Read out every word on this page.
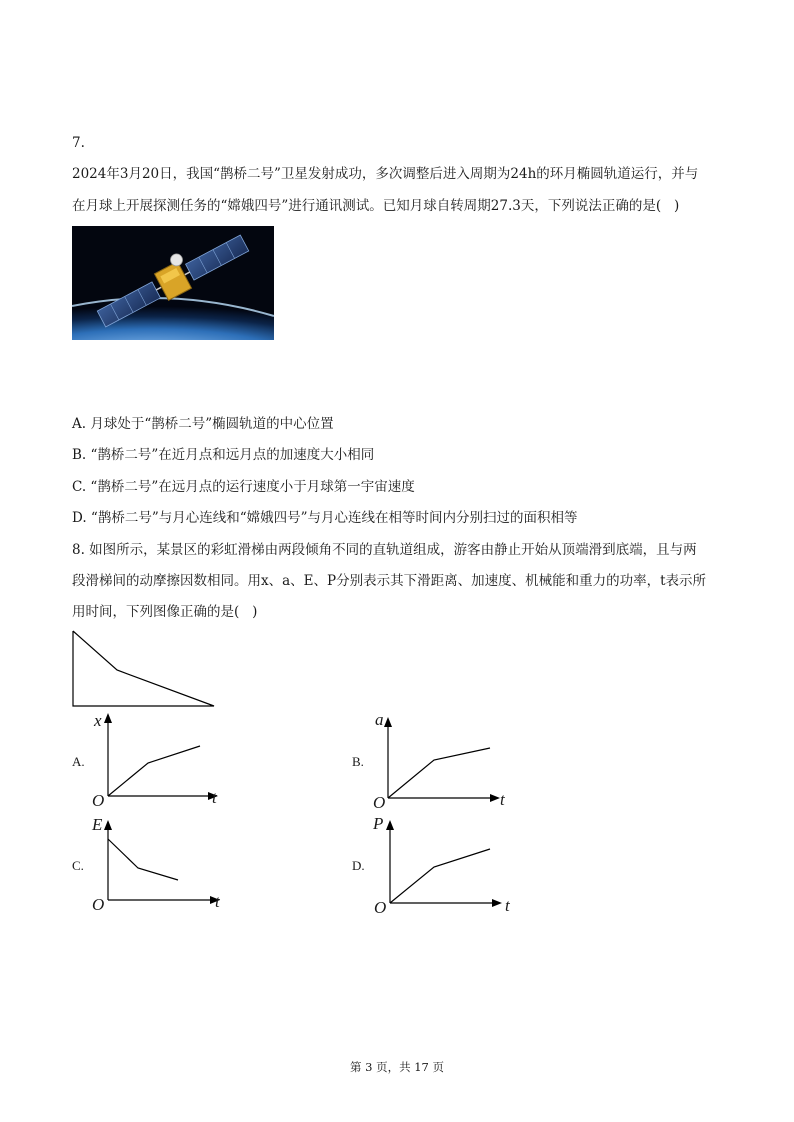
7.
2024年3月20日，我国“鹊桥二号”卫星发射成功，多次调整后进入周期为24h的环月椭圆轨道运行，并与
在月球上开展探测任务的“嫦娥四号”进行通讯测试。已知月球自转周期27.3天，下列说法正确的是(   )
A. 月球处于“鹊桥二号”椭圆轨道的中心位置
B. “鹊桥二号”在近月点和远月点的加速度大小相同
C. “鹊桥二号”在远月点的运行速度小于月球第一宇宙速度
D. “鹊桥二号”与月心连线和“嫦娥四号”与月心连线在相等时间内分别扫过的面积相等
8. 如图所示，某景区的彩虹滑梯由两段倾角不同的直轨道组成，游客由静止开始从顶端滑到底端，且与两
段滑梯间的动摩擦因数相同。用x、a、E、P分别表示其下滑距离、加速度、机械能和重力的功率，t表示所
用时间，下列图像正确的是(   )
A.
x
t
O
B.
a
t
O
C.
E
t
O
D.
P
t
O
第 3 页，共 17 页
